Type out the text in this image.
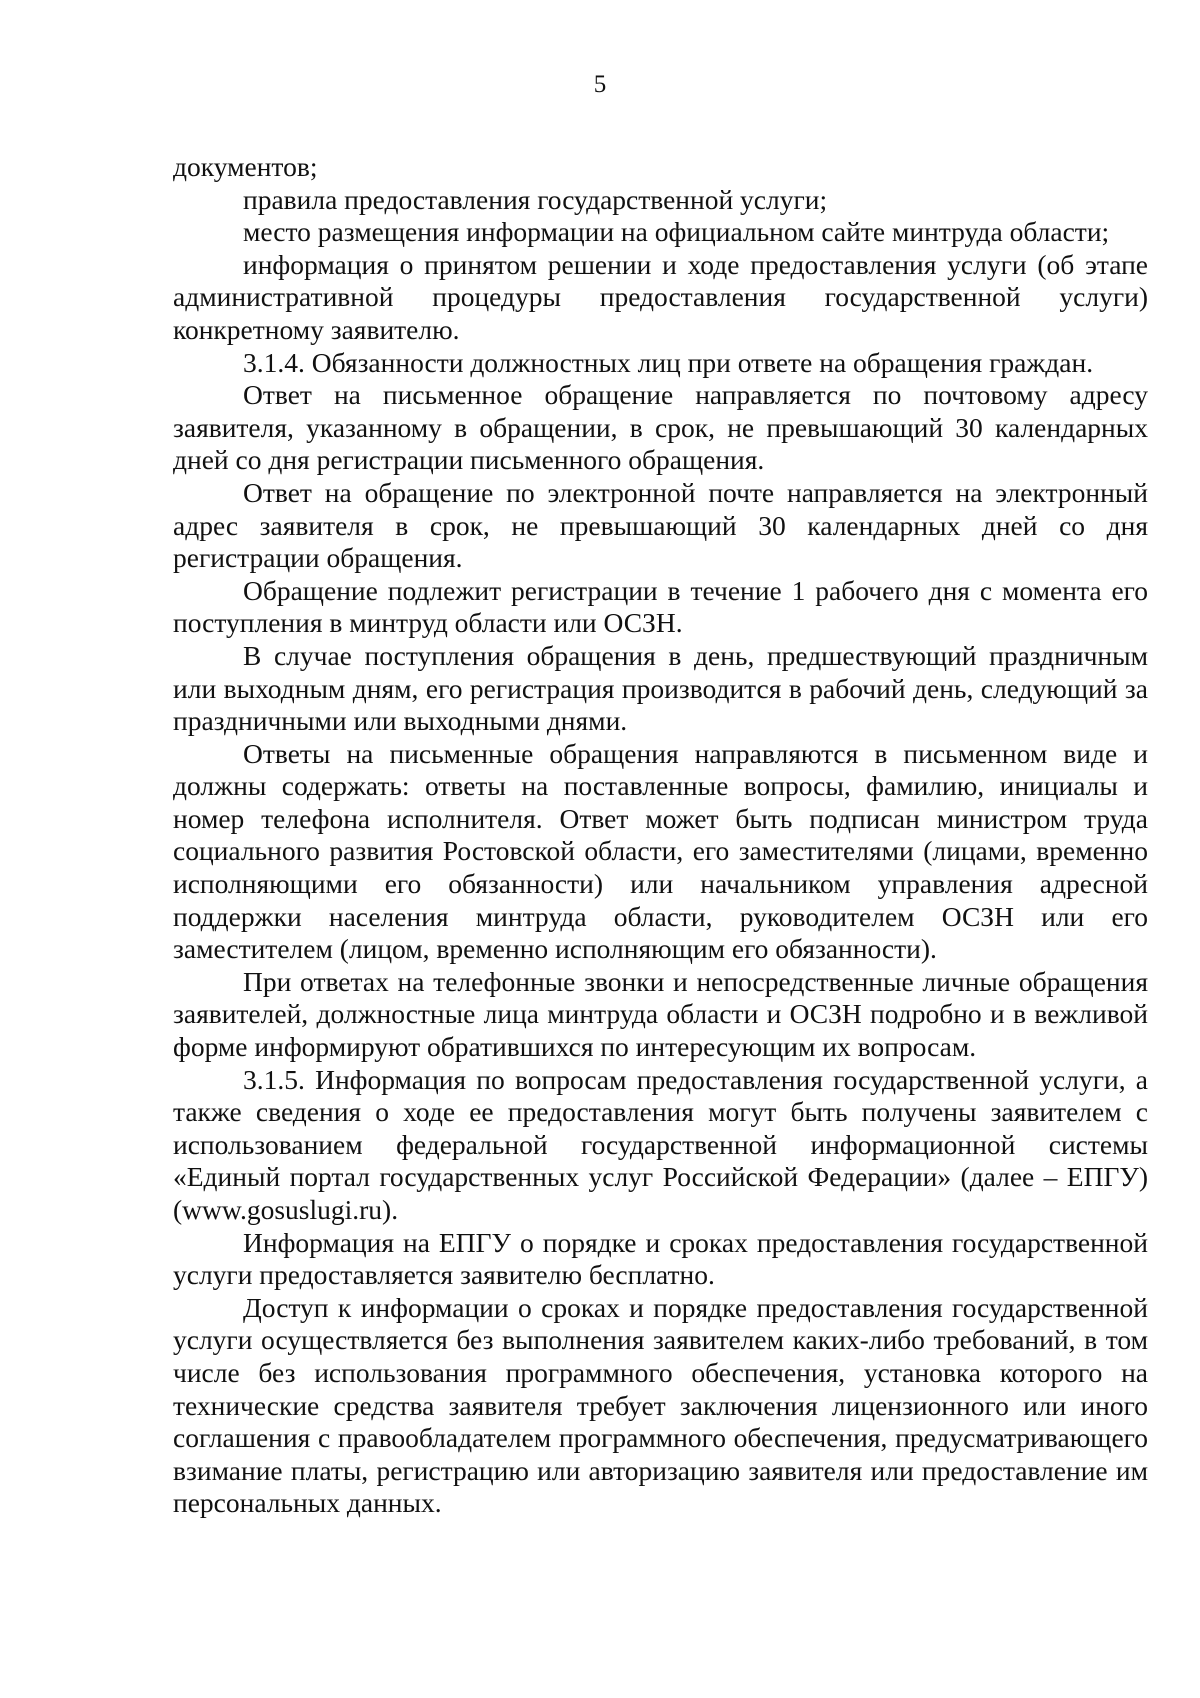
5

документов;

правила предоставления государственной услуги;

место размещения информации на официальном сайте минтруда области;

информация о принятом решении и ходе предоставления услуги (об этапе административной процедуры предоставления государственной услуги) конкретному заявителю.

3.1.4. Обязанности должностных лиц при ответе на обращения граждан.

Ответ на письменное обращение направляется по почтовому адресу заявителя, указанному в обращении, в срок, не превышающий 30 календарных дней со дня регистрации письменного обращения.

Ответ на обращение по электронной почте направляется на электронный адрес заявителя в срок, не превышающий 30 календарных дней со дня регистрации обращения.

Обращение подлежит регистрации в течение 1 рабочего дня с момента его поступления в минтруд области или ОСЗН.

В случае поступления обращения в день, предшествующий праздничным или выходным дням, его регистрация производится в рабочий день, следующий за праздничными или выходными днями.

Ответы на письменные обращения направляются в письменном виде и должны содержать: ответы на поставленные вопросы, фамилию, инициалы и номер телефона исполнителя. Ответ может быть подписан министром труда социального развития Ростовской области, его заместителями (лицами, временно исполняющими его обязанности) или начальником управления адресной поддержки населения минтруда области, руководителем ОСЗН или его заместителем (лицом, временно исполняющим его обязанности).

При ответах на телефонные звонки и непосредственные личные обращения заявителей, должностные лица минтруда области и ОСЗН подробно и в вежливой форме информируют обратившихся по интересующим их вопросам.

3.1.5. Информация по вопросам предоставления государственной услуги, а также сведения о ходе ее предоставления могут быть получены заявителем с использованием федеральной государственной информационной системы «Единый портал государственных услуг Российской Федерации» (далее – ЕПГУ) (www.gosuslugi.ru).

Информация на ЕПГУ о порядке и сроках предоставления государственной услуги предоставляется заявителю бесплатно.

Доступ к информации о сроках и порядке предоставления государственной услуги осуществляется без выполнения заявителем каких-либо требований, в том числе без использования программного обеспечения, установка которого на технические средства заявителя требует заключения лицензионного или иного соглашения с правообладателем программного обеспечения, предусматривающего взимание платы, регистрацию или авторизацию заявителя или предоставление им персональных данных.
